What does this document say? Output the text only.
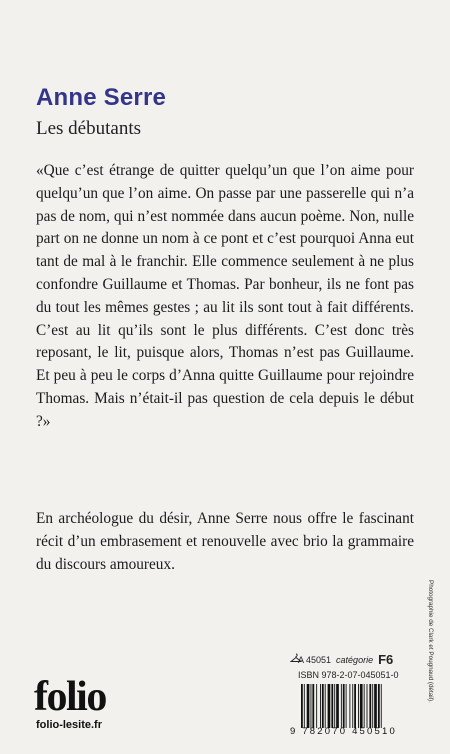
Anne Serre
Les débutants

«Que c’est étrange de quitter quelqu’un que l’on aime pour quelqu’un que l’on aime. On passe par une passerelle qui n’a pas de nom, qui n’est nommée dans aucun poème. Non, nulle part on ne donne un nom à ce pont et c’est pourquoi Anna eut tant de mal à le franchir. Elle commence seulement à ne plus confondre Guillaume et Thomas. Par bonheur, ils ne font pas du tout les mêmes gestes ; au lit ils sont tout à fait différents. C’est au lit qu’ils sont le plus différents. C’est donc très reposant, le lit, puisque alors, Thomas n’est pas Guillaume. Et peu à peu le corps d’Anna quitte Guillaume pour rejoindre Thomas. Mais n’était-il pas question de cela depuis le début ?»

En archéologue du désir, Anne Serre nous offre le fascinant récit d’un embrasement et renouvelle avec brio la grammaire du discours amoureux.

Photographie de Clark et Pougnaud (détail).
A 45051 catégorie F6
ISBN 978-2-07-045051-0
9 782070 450510
folio
folio-lesite.fr
